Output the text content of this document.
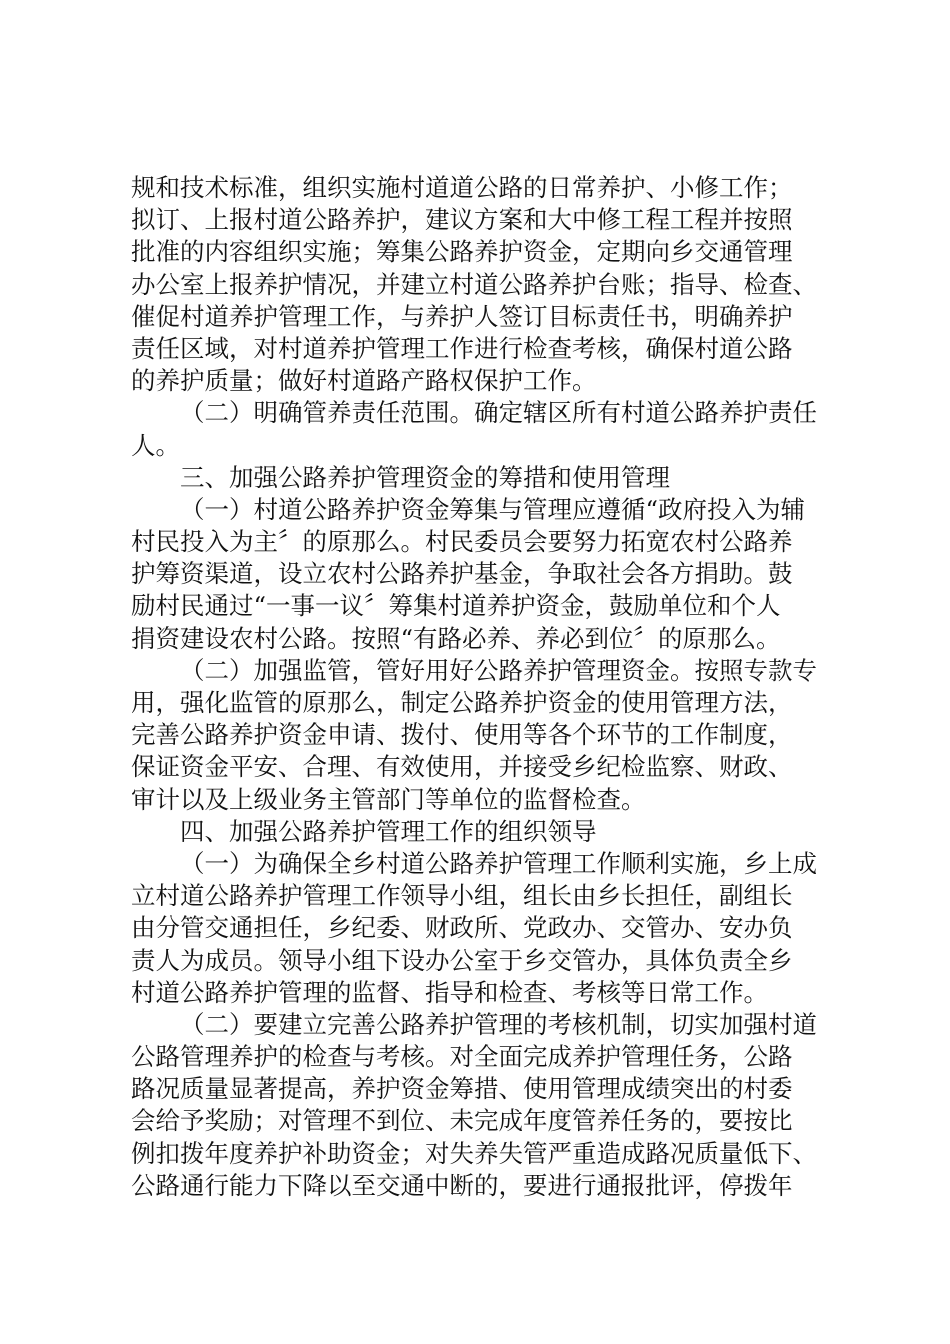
规和技术标准，组织实施村道道公路的日常养护、小修工作；
拟订、上报村道公路养护，建议方案和大中修工程工程并按照
批准的内容组织实施；筹集公路养护资金，定期向乡交通管理
办公室上报养护情况，并建立村道公路养护台账；指导、检查、
催促村道养护管理工作，与养护人签订目标责任书，明确养护
责任区域，对村道养护管理工作进行检查考核，确保村道公路
的养护质量；做好村道路产路权保护工作。
（二）明确管养责任范围。确定辖区所有村道公路养护责任
人。
三、加强公路养护管理资金的筹措和使用管理
（一）村道公路养护资金筹集与管理应遵循“政府投入为辅
村民投入为主〞的原那么。村民委员会要努力拓宽农村公路养
护筹资渠道，设立农村公路养护基金，争取社会各方捐助。鼓
励村民通过“一事一议〞筹集村道养护资金，鼓励单位和个人
捐资建设农村公路。按照“有路必养、养必到位〞的原那么。
（二）加强监管，管好用好公路养护管理资金。按照专款专
用，强化监管的原那么，制定公路养护资金的使用管理方法，
完善公路养护资金申请、拨付、使用等各个环节的工作制度，
保证资金平安、合理、有效使用，并接受乡纪检监察、财政、
审计以及上级业务主管部门等单位的监督检查。
四、加强公路养护管理工作的组织领导
（一）为确保全乡村道公路养护管理工作顺利实施，乡上成
立村道公路养护管理工作领导小组，组长由乡长担任，副组长
由分管交通担任，乡纪委、财政所、党政办、交管办、安办负
责人为成员。领导小组下设办公室于乡交管办，具体负责全乡
村道公路养护管理的监督、指导和检查、考核等日常工作。
（二）要建立完善公路养护管理的考核机制，切实加强村道
公路管理养护的检查与考核。对全面完成养护管理任务，公路
路况质量显著提高，养护资金筹措、使用管理成绩突出的村委
会给予奖励；对管理不到位、未完成年度管养任务的，要按比
例扣拨年度养护补助资金；对失养失管严重造成路况质量低下、
公路通行能力下降以至交通中断的，要进行通报批评，停拨年
